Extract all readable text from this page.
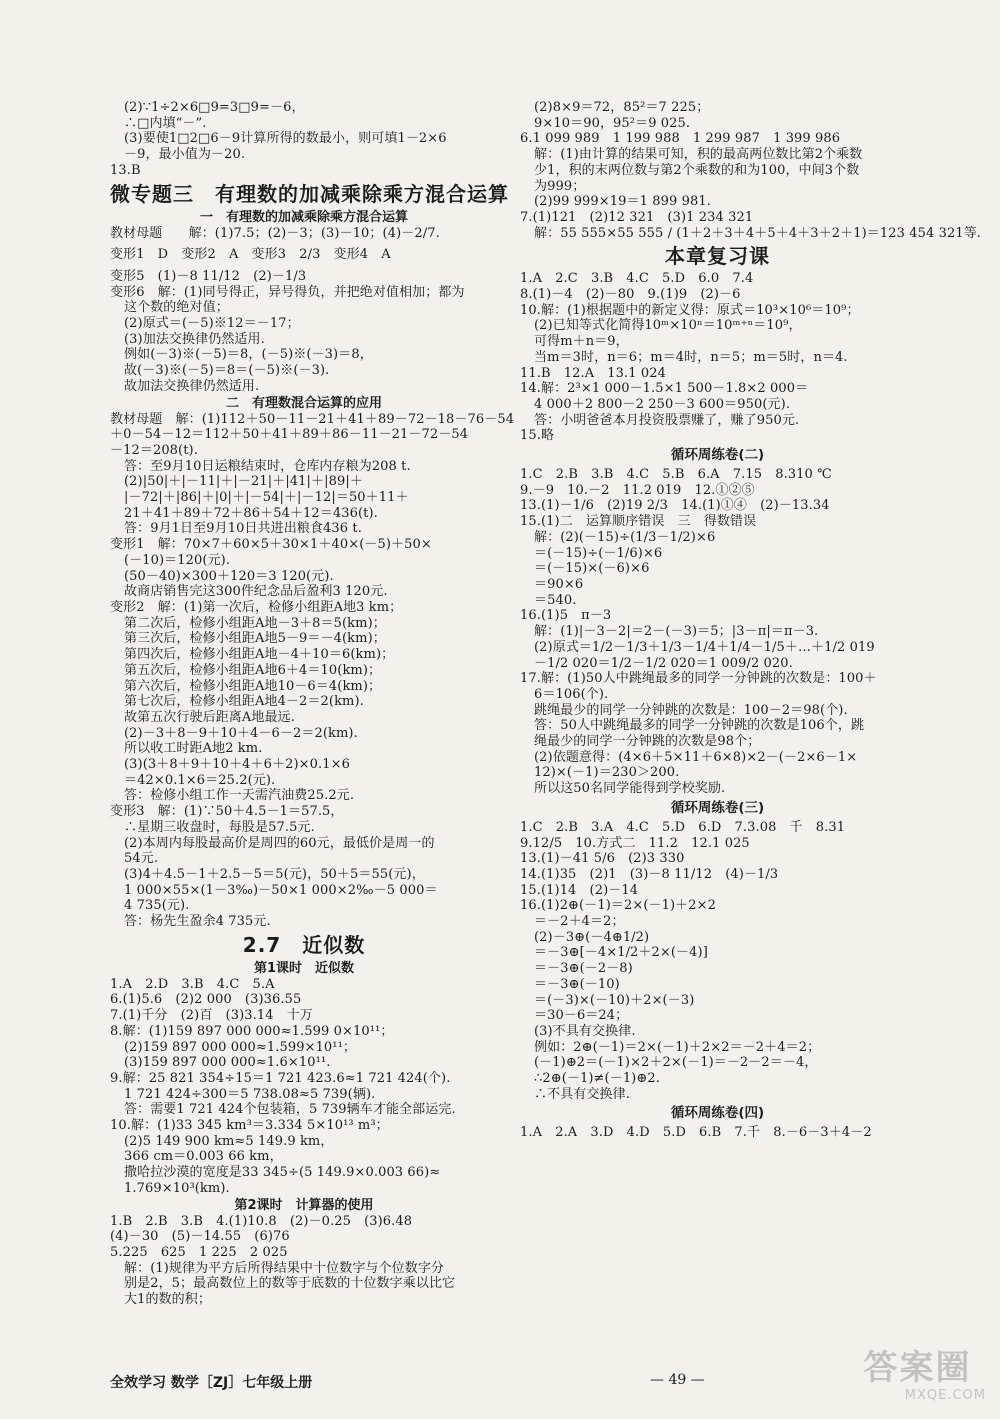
(2)∵1÷2×6□9=3□9=－6，
∴□内填“－”.
(3)要使1□2□6－9计算所得的数最小，则可填1－2×6
－9，最小值为－20.
13.B
微专题三　有理数的加减乘除乘方混合运算
一　有理数的加减乘除乘方混合运算
教材母题　　解：(1)7.5；(2)－3；(3)－10；(4)－2/7.
变形1　D　变形2　A　变形3　2/3　变形4　A
变形5　(1)－8 11/12　(2)－1/3
变形6　解：(1)同号得正，异号得负，并把绝对值相加；都为
这个数的绝对值；
(2)原式＝(－5)※12＝－17；
(3)加法交换律仍然适用.
例如(－3)※(－5)＝8，(－5)※(－3)＝8，
故(－3)※(－5)＝8＝(－5)※(－3).
故加法交换律仍然适用.
二　有理数混合运算的应用
教材母题　解：(1)112＋50－11－21＋41＋89－72－18－76－54
＋0－54－12＝112＋50＋41＋89＋86－11－21－72－54
－12＝208(t).
答：至9月10日运粮结束时，仓库内存粮为208 t.
(2)|50|＋|－11|＋|－21|＋|41|＋|89|＋
|－72|＋|86|＋|0|＋|－54|＋|－12|＝50＋11＋
21＋41＋89＋72＋86＋54＋12＝436(t).
答：9月1日至9月10日共进出粮食436 t.
变形1　解：70×7＋60×5＋30×1＋40×(－5)＋50×
(－10)＝120(元).
(50－40)×300＋120＝3 120(元).
故商店销售完这300件纪念品后盈利3 120元.
变形2　解：(1)第一次后，检修小组距A地3 km；
第二次后，检修小组距A地－3＋8＝5(km)；
第三次后，检修小组距A地5－9＝－4(km)；
第四次后，检修小组距A地－4＋10＝6(km)；
第五次后，检修小组距A地6＋4＝10(km)；
第六次后，检修小组距A地10－6＝4(km)；
第七次后，检修小组距A地4－2＝2(km).
故第五次行驶后距离A地最远.
(2)－3＋8－9＋10＋4－6－2＝2(km).
所以收工时距A地2 km.
(3)(3＋8＋9＋10＋4＋6＋2)×0.1×6
＝42×0.1×6＝25.2(元).
答：检修小组工作一天需汽油费25.2元.
变形3　解：(1)∵50＋4.5－1＝57.5，
∴星期三收盘时，每股是57.5元.
(2)本周内每股最高价是周四的60元，最低价是周一的
54元.
(3)4＋4.5－1＋2.5－5＝5(元)，50＋5＝55(元)，
1 000×55×(1－3‰)－50×1 000×2‰－5 000＝
4 735(元).
答：杨先生盈余4 735元.
2.7　近似数
第1课时　近似数
1.A　2.D　3.B　4.C　5.A
6.(1)5.6　(2)2 000　(3)36.55
7.(1)千分　(2)百　(3)3.14　十万
8.解：(1)159 897 000 000≈1.599 0×10¹¹；
(2)159 897 000 000≈1.599×10¹¹；
(3)159 897 000 000≈1.6×10¹¹.
9.解：25 821 354÷15＝1 721 423.6≈1 721 424(个).
1 721 424÷300＝5 738.08≈5 739(辆).
答：需要1 721 424个包装箱，5 739辆车才能全部运完.
10.解：(1)33 345 km³＝3.334 5×10¹³ m³；
(2)5 149 900 km≈5 149.9 km，
366 cm＝0.003 66 km，
撒哈拉沙漠的宽度是33 345÷(5 149.9×0.003 66)≈
1.769×10³(km).
第2课时　计算器的使用
1.B　2.B　3.B　4.(1)10.8　(2)－0.25　(3)6.48
(4)－30　(5)－14.55　(6)76
5.225　625　1 225　2 025
解：(1)规律为平方后所得结果中十位数字与个位数字分
别是2，5；最高数位上的数等于底数的十位数字乘以比它
大1的数的积；
(2)8×9＝72，85²＝7 225；
9×10＝90，95²＝9 025.
6.1 099 989　1 199 988　1 299 987　1 399 986
解：(1)由计算的结果可知，积的最高两位数比第2个乘数
少1，积的末两位数与第2个乘数的和为100，中间3个数
为999；
(2)99 999×19＝1 899 981.
7.(1)121　(2)12 321　(3)1 234 321
解：55 555×55 555 / (1＋2＋3＋4＋5＋4＋3＋2＋1)＝123 454 321等.
本章复习课
1.A　2.C　3.B　4.C　5.D　6.0　7.4
8.(1)－4　(2)－80　9.(1)9　(2)－6
10.解：(1)根据题中的新定义得：原式＝10³×10⁶＝10⁹；
(2)已知等式化简得10ᵐ×10ⁿ＝10ᵐ⁺ⁿ＝10⁹，
可得m＋n＝9，
当m＝3时，n＝6；m＝4时，n＝5；m＝5时，n＝4.
11.B　12.A　13.1 024
14.解：2³×1 000－1.5×1 500－1.8×2 000＝
4 000＋2 800－2 250－3 600＝950(元).
答：小明爸爸本月投资股票赚了，赚了950元.
15.略
循环周练卷(二)
1.C　2.B　3.B　4.C　5.B　6.A　7.15　8.310 ℃
9.－9　10.－2　11.2 019　12.①②⑤
13.(1)－1/6　(2)19 2/3　14.(1)①④　(2)－13.34
15.(1)二　运算顺序错误　三　得数错误
解：(2)(－15)÷(1/3－1/2)×6
＝(－15)÷(－1/6)×6
＝(－15)×(－6)×6
＝90×6
＝540.
16.(1)5　π－3
解：(1)|－3－2|＝2－(－3)＝5；|3－π|＝π－3.
(2)原式＝1/2－1/3＋1/3－1/4＋1/4－1/5＋…＋1/2 019
－1/2 020＝1/2－1/2 020＝1 009/2 020.
17.解：(1)50人中跳绳最多的同学一分钟跳的次数是：100＋
6＝106(个).
跳绳最少的同学一分钟跳的次数是：100－2＝98(个).
答：50人中跳绳最多的同学一分钟跳的次数是106个，跳
绳最少的同学一分钟跳的次数是98个；
(2)依题意得：(4×6＋5×11＋6×8)×2－(－2×6－1×
12)×(－1)＝230＞200.
所以这50名同学能得到学校奖励.
循环周练卷(三)
1.C　2.B　3.A　4.C　5.D　6.D　7.3.08　千　8.31
9.12/5　10.方式二　11.2　12.1 025
13.(1)－41 5/6　(2)3 330
14.(1)35　(2)1　(3)－8 11/12　(4)－1/3
15.(1)14　(2)－14
16.(1)2⊕(－1)＝2×(－1)＋2×2
＝－2＋4＝2；
(2)－3⊕(－4⊕1/2)
＝－3⊕[－4×1/2＋2×(－4)]
＝－3⊕(－2－8)
＝－3⊕(－10)
＝(－3)×(－10)＋2×(－3)
＝30－6＝24；
(3)不具有交换律.
例如：2⊕(－1)＝2×(－1)＋2×2＝－2＋4＝2；
(－1)⊕2＝(－1)×2＋2×(－1)＝－2－2＝－4，
∴2⊕(－1)≠(－1)⊕2.
∴不具有交换律.
循环周练卷(四)
1.A　2.A　3.D　4.D　5.D　6.B　7.千　8.－6－3＋4－2
全效学习 数学［ZJ］七年级上册	— 49 —	答案圈
MXQE.COM
